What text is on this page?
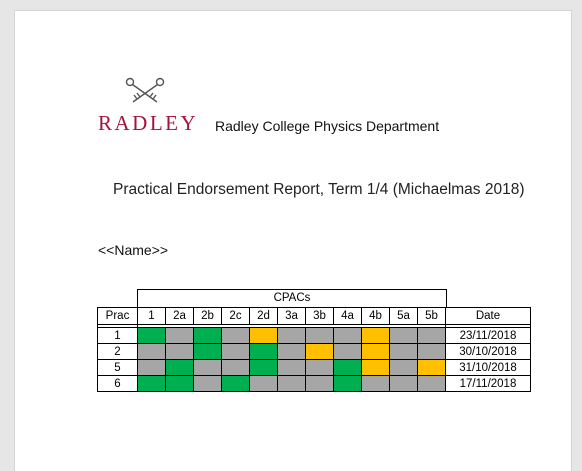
RADLEY Radley College Physics Department
Practical Endorsement Report, Term 1/4 (Michaelmas 2018)
<<Name>>
CPACs
Prac	1	2a	2b	2c	2d	3a	3b	4a	4b	5a	5b	Date

1												23/11/2018
2												30/10/2018
5												31/10/2018
6												17/11/2018
